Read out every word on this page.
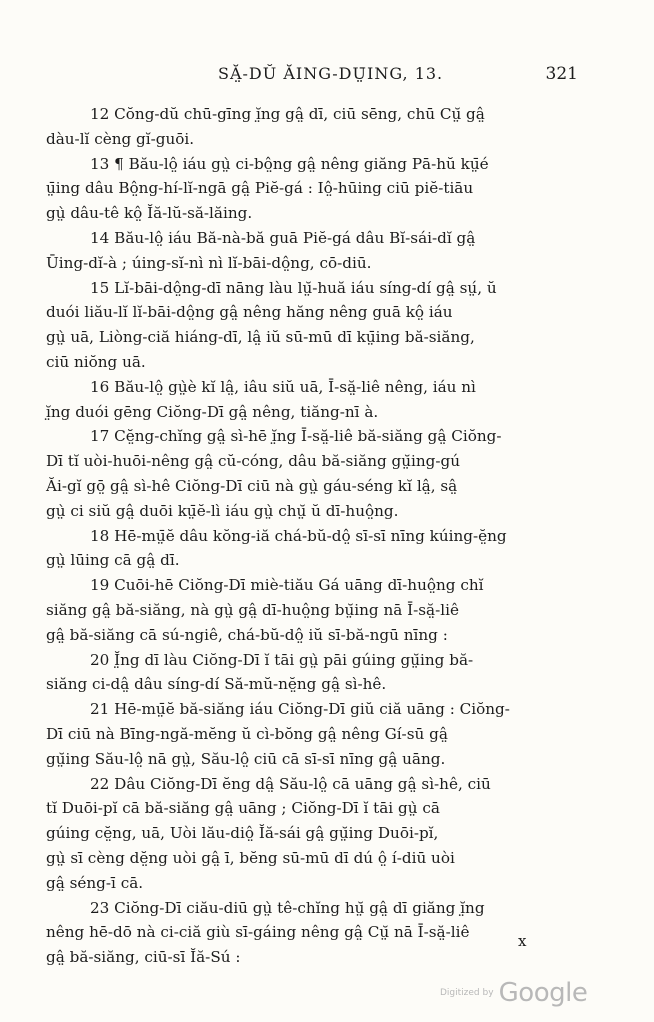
SĂ̤-DŬ ĂING-DṲ̄ING, 13.	321
12 Cŏng-dŭ chū-gīng ĭ̤ng gâ̤ dī, ciū sēng, chū Cṳ̆ gâ̤
dàu-lĭ cèng gĭ-guōi.
13 ¶ Bău-lô̤ iáu gṳ̀ ci-bô̤ng gâ̤ nêng giăng Pā-hŭ kṳ̄é
ṳ̄ing dâu Bô̤ng-hí-lĭ-ngā gâ̤ Piĕ-gá : Iô̤-hūing ciū piĕ-tiāu
gṳ̀ dâu-tê kô̤ Ĭă-lŭ-să-lăing.
14 Bău-lô̤ iáu Bă-nà-bă guā Piĕ-gá dâu Bĭ-sái-dĭ gâ̤
Ūing-dĭ-à ; úing-sĭ-nì nì lĭ-bāi-dô̤ng, cō-diū.
15 Lĭ-bāi-dô̤ng-dī nāng làu lṳ̆-huă iáu síng-dí gâ̤ sṳ́, ŭ
duói liău-lĭ lĭ-bāi-dô̤ng gâ̤ nêng hăng nêng guā kô̤ iáu
gṳ̀ uā, Liòng-ciă hiáng-dī, lâ̤ iŭ sū-mū dī kṳ̄ing bă-siăng,
ciū niŏng uā.
16 Bău-lô̤ gṳ̀è kĭ lâ̤, iâu siŭ uā, Ī-să̤-liê nêng, iáu nì
ĭ̤ng duói gēng Ciŏng-Dī gâ̤ nêng, tiăng-nī à.
17 Cĕ̤ng-chĭng gâ̤ sì-hē ĭ̤ng Ī-să̤-liê bă-siăng gâ̤ Ciŏng-
Dī tĭ uòi-huōi-nêng gâ̤ cŭ-cóng, dâu bă-siăng gṳ̆ing-gú
Ăi-gĭ gō̤ gâ̤ sì-hê Ciŏng-Dī ciū nà gṳ̀ gáu-séng kĭ lâ̤, sâ̤
gṳ̀ ci siŭ gâ̤ duōi kṳ̄ĕ-lì iáu gṳ̀ chṳ̆ ŭ dī-huô̤ng.
18 Hē-mṳ̄ĕ dâu kŏng-iă chá-bŭ-dô̤ sī-sī nīng kúing-ĕ̤ng
gṳ̀ lūing cā gâ̤ dī.
19 Cuōi-hē Ciŏng-Dī miè-tiău Gá uāng dī-huô̤ng chĭ
siăng gâ̤ bă-siăng, nà gṳ̀ gâ̤ dī-huô̤ng bṳ̆ing nā Ī-să̤-liê
gâ̤ bă-siăng cā sú-ngiê, chá-bŭ-dô̤ iŭ sī-bă-ngū nīng :
20 Ĭ̤ng dī làu Ciŏng-Dī ĭ tāi gṳ̀ pāi gúing gṳ̆ing bă-
siăng ci-dâ̤ dâu síng-dí Să-mŭ-nĕ̤ng gâ̤ sì-hê.
21 Hē-mṳ̄ĕ bă-siăng iáu Ciŏng-Dī giŭ ciă uāng : Ciŏng-
Dī ciū nà Bīng-ngă-mĕng ŭ cì-bŏng gâ̤ nêng Gí-sū gâ̤
gṳ̆ing Său-lô̤ nā gṳ̀, Său-lô̤ ciū cā sī-sī nīng gâ̤ uāng.
22 Dâu Ciŏng-Dī ĕng dâ̤ Său-lô̤ cā uāng gâ̤ sì-hê, ciū
tĭ Duōi-pĭ cā bă-siăng gâ̤ uāng ; Ciŏng-Dī ĭ tāi gṳ̀ cā
gúing cĕ̤ng, uā, Uòi lău-diô̤ Ĭă-sái gâ̤ gṳ̆ing Duōi-pĭ,
gṳ̀ sī cèng dĕ̤ng uòi gâ̤ ī, bĕng sū-mū dī dú ô̤ í-diū uòi
gâ̤ séng-ī cā.
23 Ciŏng-Dī ciău-diū gṳ̀ tê-chĭng hṳ̆ gâ̤ dī giăng ĭ̤ng
nêng hē-dō nà ci-ciă giù sī-gáing nêng gâ̤ Cṳ̆ nā Ī-să̤-liê
gâ̤ bă-siăng, ciū-sī Ĭă-Sú :
x
Digitized by Google
